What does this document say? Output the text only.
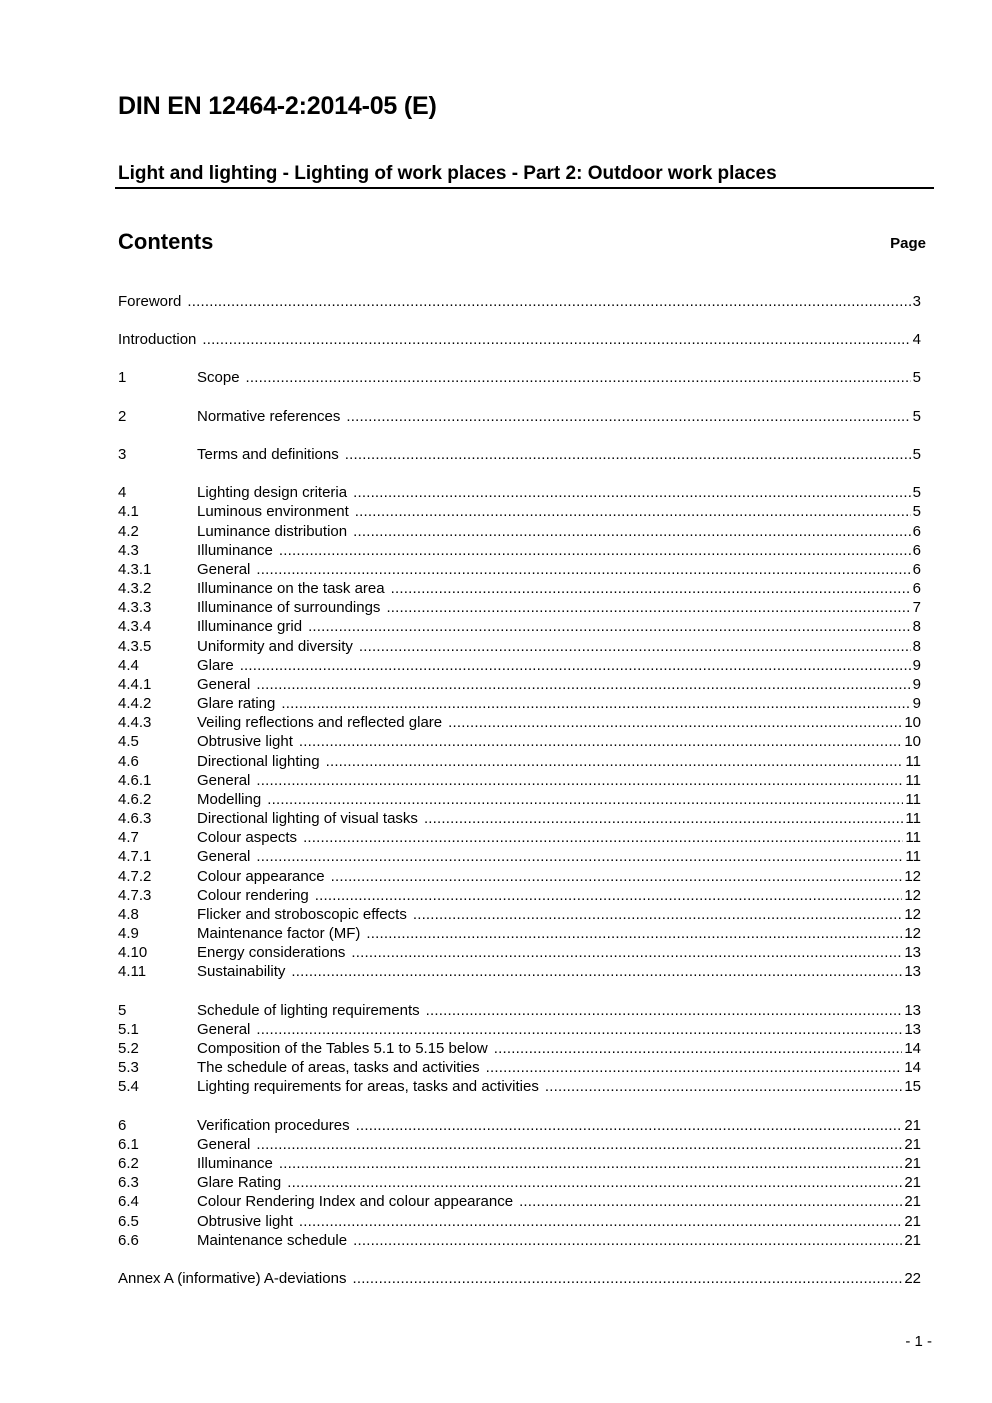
DIN EN 12464-2:2014-05 (E)
Light and lighting - Lighting of work places - Part 2: Outdoor work places
Contents	Page
Foreword .....	3
Introduction .....	4
1	Scope .....	5
2	Normative references .....	5
3	Terms and definitions .....	5
4	Lighting design criteria .....	5
4.1	Luminous environment .....	5
4.2	Luminance distribution .....	6
4.3	Illuminance .....	6
4.3.1	General .....	6
4.3.2	Illuminance on the task area .....	6
4.3.3	Illuminance of surroundings .....	7
4.3.4	Illuminance grid .....	8
4.3.5	Uniformity and diversity .....	8
4.4	Glare .....	9
4.4.1	General .....	9
4.4.2	Glare rating .....	9
4.4.3	Veiling reflections and reflected glare .....	10
4.5	Obtrusive light .....	10
4.6	Directional lighting .....	11
4.6.1	General .....	11
4.6.2	Modelling .....	11
4.6.3	Directional lighting of visual tasks .....	11
4.7	Colour aspects .....	11
4.7.1	General .....	11
4.7.2	Colour appearance .....	12
4.7.3	Colour rendering .....	12
4.8	Flicker and stroboscopic effects .....	12
4.9	Maintenance factor (MF) .....	12
4.10	Energy considerations .....	13
4.11	Sustainability .....	13
5	Schedule of lighting requirements .....	13
5.1	General .....	13
5.2	Composition of the Tables 5.1 to 5.15 below .....	14
5.3	The schedule of areas, tasks and activities .....	14
5.4	Lighting requirements for areas, tasks and activities .....	15
6	Verification procedures .....	21
6.1	General .....	21
6.2	Illuminance .....	21
6.3	Glare Rating .....	21
6.4	Colour Rendering Index and colour appearance .....	21
6.5	Obtrusive light .....	21
6.6	Maintenance schedule .....	21
Annex A (informative) A-deviations .....	22
- 1 -
